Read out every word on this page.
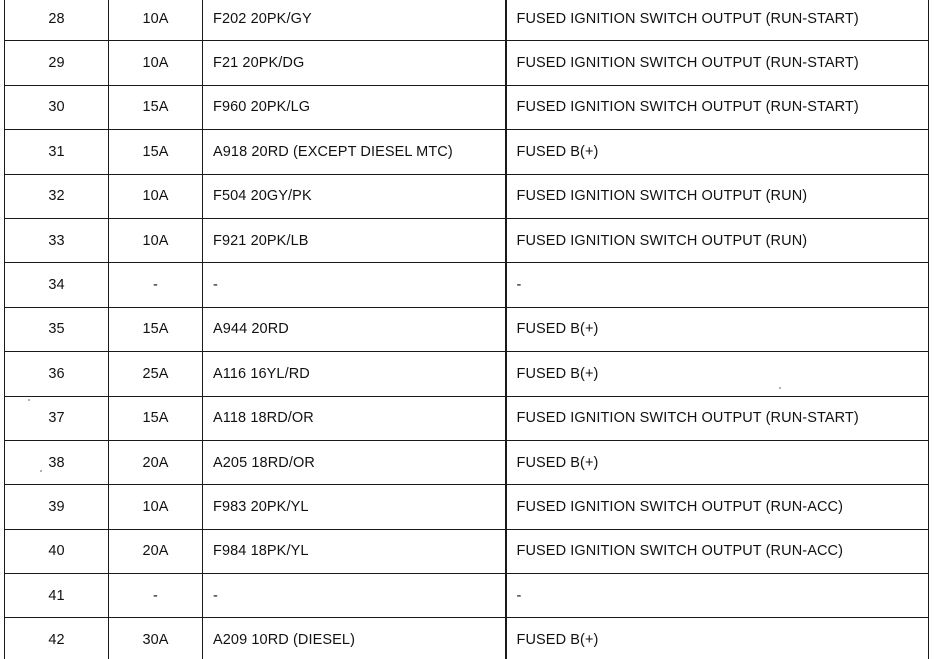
28	10A	F202 20PK/GY	FUSED IGNITION SWITCH OUTPUT (RUN-START)
29	10A	F21 20PK/DG	FUSED IGNITION SWITCH OUTPUT (RUN-START)
30	15A	F960 20PK/LG	FUSED IGNITION SWITCH OUTPUT (RUN-START)
31	15A	A918 20RD (EXCEPT DIESEL MTC)	FUSED B(+)
32	10A	F504 20GY/PK	FUSED IGNITION SWITCH OUTPUT (RUN)
33	10A	F921 20PK/LB	FUSED IGNITION SWITCH OUTPUT (RUN)
34	-	-	-
35	15A	A944 20RD	FUSED B(+)
36	25A	A116 16YL/RD	FUSED B(+)
37	15A	A118 18RD/OR	FUSED IGNITION SWITCH OUTPUT (RUN-START)
38	20A	A205 18RD/OR	FUSED B(+)
39	10A	F983 20PK/YL	FUSED IGNITION SWITCH OUTPUT (RUN-ACC)
40	20A	F984 18PK/YL	FUSED IGNITION SWITCH OUTPUT (RUN-ACC)
41	-	-	-
42	30A	A209 10RD (DIESEL)	FUSED B(+)
